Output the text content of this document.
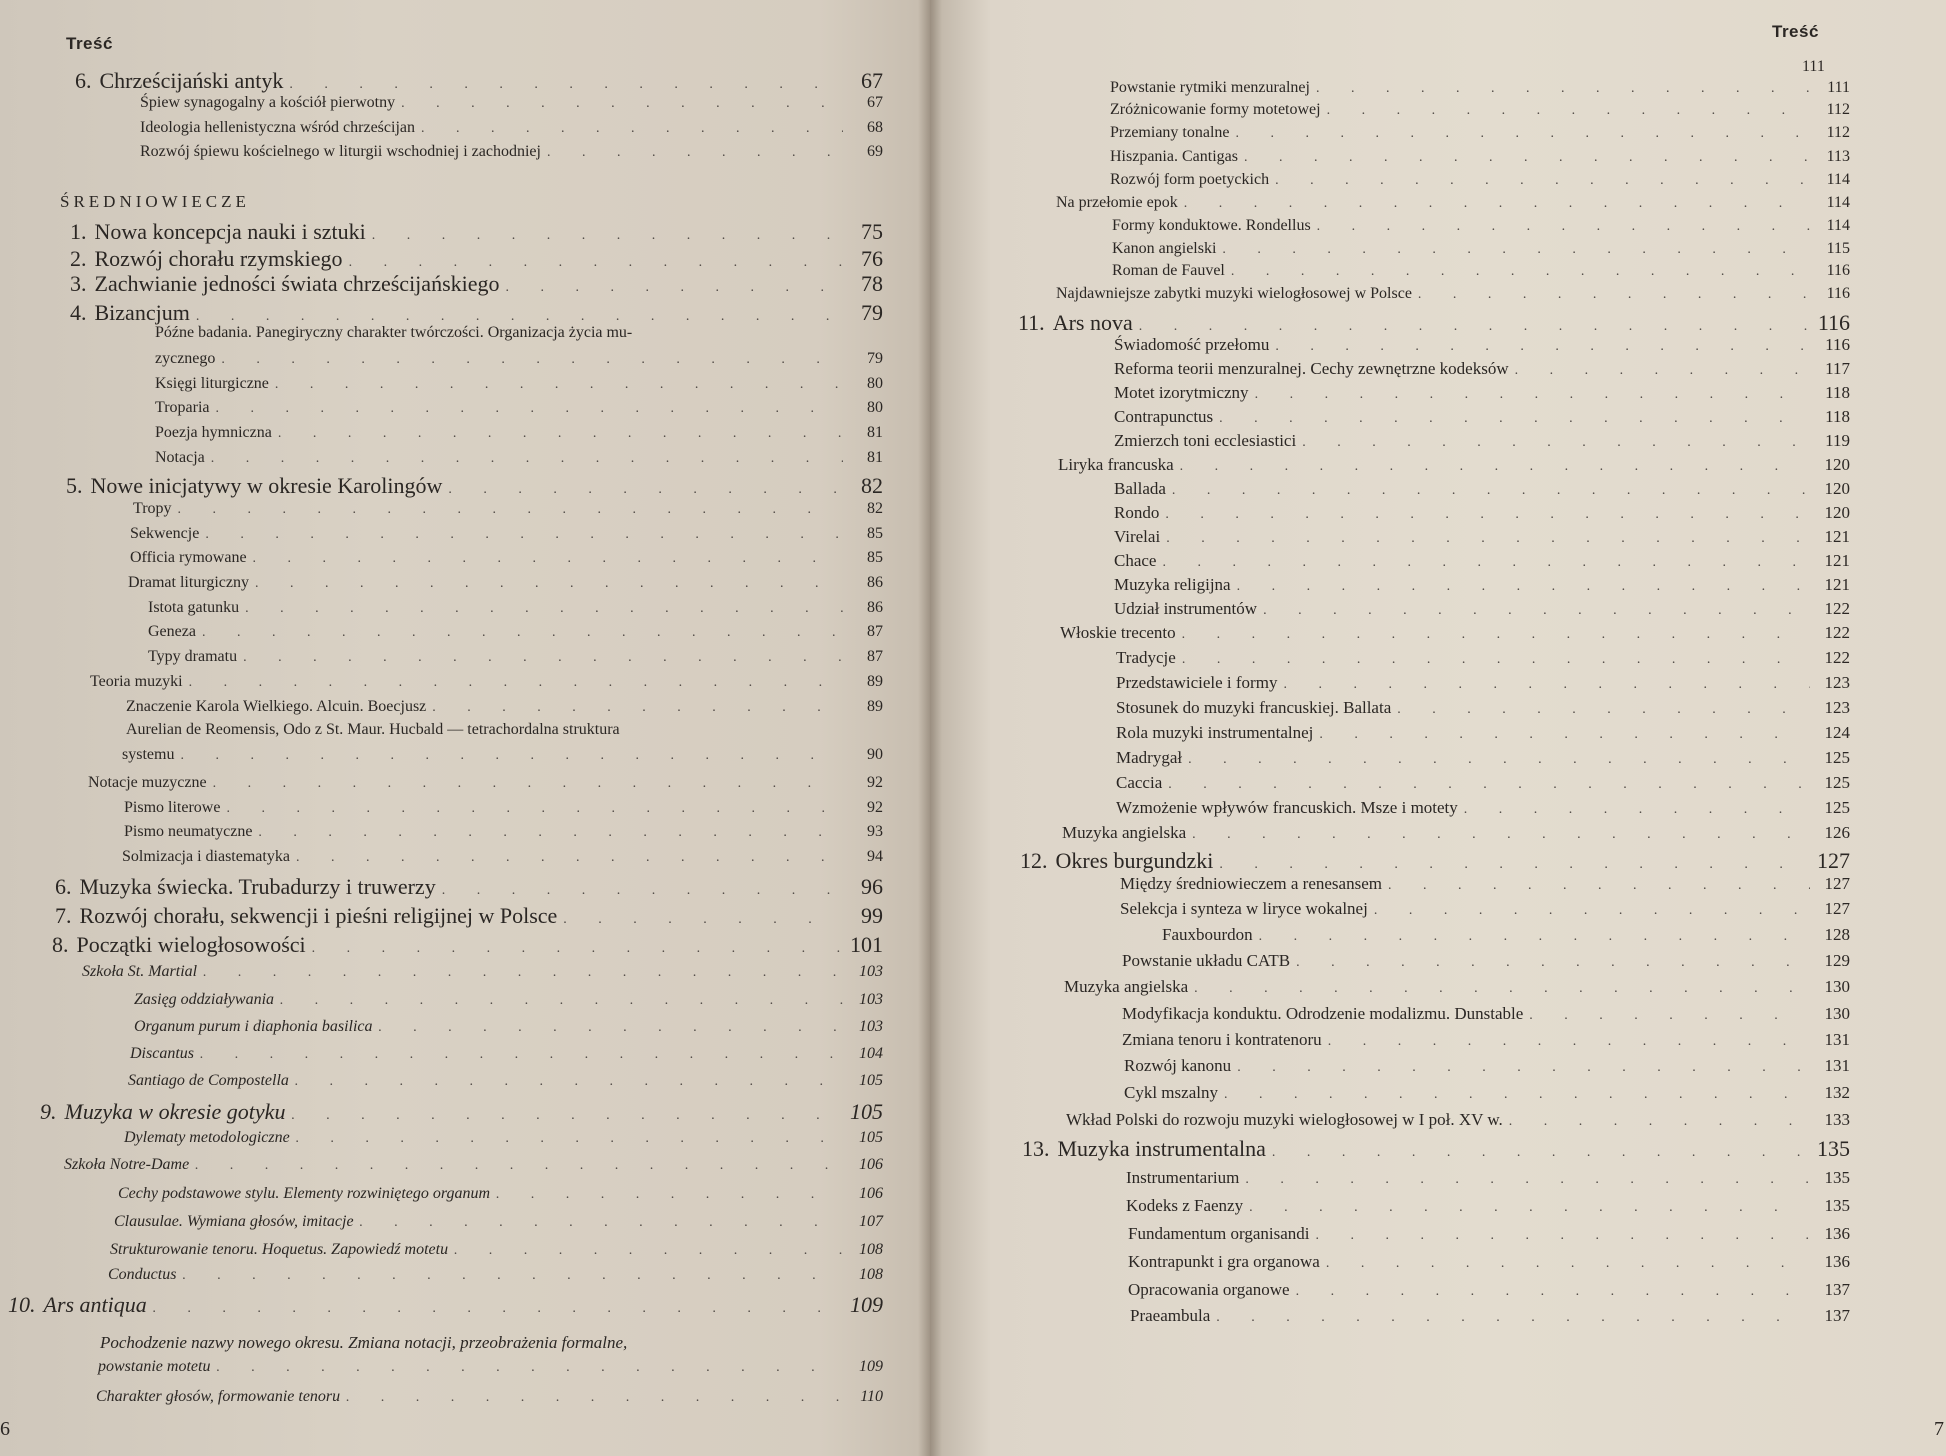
Treść
6. Chrześcijański antyk . . .	67
Śpiew synagogalny a kościół pierwotny . . .	67
Ideologia hellenistyczna wśród chrześcijan . . .	68
Rozwój śpiewu kościelnego w liturgii wschodniej i zachodniej . . .	69
ŚREDNIOWIECZE
1. Nowa koncepcja nauki i sztuki . . .	75
2. Rozwój chorału rzymskiego . . .	76
3. Zachwianie jedności świata chrześcijańskiego . . .	78
4. Bizancjum . . .	79
Późne badania. Panegiryczny charakter twórczości. Organizacja życia mu-
zycznego . . .	79
Księgi liturgiczne . . .	80
Troparia . . .	80
Poezja hymniczna . . .	81
Notacja . . .	81
5. Nowe inicjatywy w okresie Karolingów . . .	82
Tropy . . .	82
Sekwencje . . .	85
Officia rymowane . . .	85
Dramat liturgiczny . . .	86
Istota gatunku . . .	86
Geneza . . .	87
Typy dramatu . . .	87
Teoria muzyki . . .	89
Znaczenie Karola Wielkiego. Alcuin. Boecjusz . . .	89
Aurelian de Reomensis, Odo z St. Maur. Hucbald — tetrachordalna struktura
systemu . . .	90
Notacje muzyczne . . .	92
Pismo literowe . . .	92
Pismo neumatyczne . . .	93
Solmizacja i diastematyka . . .	94
6. Muzyka świecka. Trubadurzy i truwerzy . . .	96
7. Rozwój chorału, sekwencji i pieśni religijnej w Polsce . . .	99
8. Początki wielogłosowości . . .	101
Szkoła St. Martial . . .	103
Zasięg oddziaływania . . .	103
Organum purum i diaphonia basilica . . .	103
Discantus . . .	104
Santiago de Compostella . . .	105
9. Muzyka w okresie gotyku . . .	105
Dylematy metodologiczne . . .	105
Szkoła Notre-Dame . . .	106
Cechy podstawowe stylu. Elementy rozwiniętego organum . . .	106
Clausulae. Wymiana głosów, imitacje . . .	107
Strukturowanie tenoru. Hoquetus. Zapowiedź motetu . . .	108
Conductus . . .	108
10. Ars antiqua . . .	109
Pochodzenie nazwy nowego okresu. Zmiana notacji, przeobrażenia formalne,
powstanie motetu . . .	109
Charakter głosów, formowanie tenoru . . .	110
6
Treść
111
Powstanie rytmiki menzuralnej . . .	111
Zróżnicowanie formy motetowej . . .	112
Przemiany tonalne . . .	112
Hiszpania. Cantigas . . .	113
Rozwój form poetyckich . . .	114
Na przełomie epok . . .	114
Formy konduktowe. Rondellus . . .	114
Kanon angielski . . .	115
Roman de Fauvel . . .	116
Najdawniejsze zabytki muzyki wielogłosowej w Polsce . . .	116
11. Ars nova . . .	116
Świadomość przełomu . . .	116
Reforma teorii menzuralnej. Cechy zewnętrzne kodeksów . . .	117
Motet izorytmiczny . . .	118
Contrapunctus . . .	118
Zmierzch toni ecclesiastici . . .	119
Liryka francuska . . .	120
Ballada . . .	120
Rondo . . .	120
Virelai . . .	121
Chace . . .	121
Muzyka religijna . . .	121
Udział instrumentów . . .	122
Włoskie trecento . . .	122
Tradycje . . .	122
Przedstawiciele i formy . . .	123
Stosunek do muzyki francuskiej. Ballata . . .	123
Rola muzyki instrumentalnej . . .	124
Madrygał . . .	125
Caccia . . .	125
Wzmożenie wpływów francuskich. Msze i motety . . .	125
Muzyka angielska . . .	126
12. Okres burgundzki . . .	127
Między średniowieczem a renesansem . . .	127
Selekcja i synteza w liryce wokalnej . . .	127
Fauxbourdon . . .	128
Powstanie układu CATB . . .	129
Muzyka angielska . . .	130
Modyfikacja konduktu. Odrodzenie modalizmu. Dunstable . . .	130
Zmiana tenoru i kontratenoru . . .	131
Rozwój kanonu . . .	131
Cykl mszalny . . .	132
Wkład Polski do rozwoju muzyki wielogłosowej w I poł. XV w. . . .	133
13. Muzyka instrumentalna . . .	135
Instrumentarium . . .	135
Kodeks z Faenzy . . .	135
Fundamentum organisandi . . .	136
Kontrapunkt i gra organowa . . .	136
Opracowania organowe . . .	137
Praeambula . . .	137
7
